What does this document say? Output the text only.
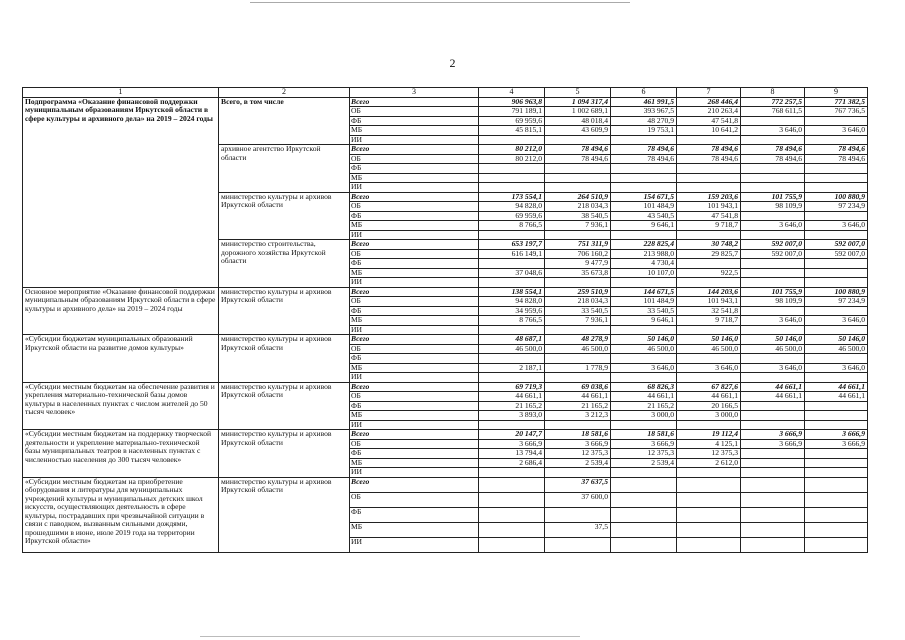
2
1	2	3	4	5	6	7	8	9
Подпрограмма «Оказание финансовой поддержки муниципальным образованиям Иркутской области в сфере культуры и архивного дела» на 2019 – 2024 годы	Всего, в том числе	Всего	906 963,8	1 094 317,4	461 991,5	268 446,4	772 257,5	771 382,5
		ОБ	791 189,1	1 002 689,1	393 967,5	210 263,4	768 611,5	767 736,5
		ФБ	69 959,6	48 018,4	48 270,9	47 541,8		
		МБ	45 815,1	43 609,9	19 753,1	10 641,2	3 646,0	3 646,0
		ИИ						
	архивное агентство Иркутской области	Всего	80 212,0	78 494,6	78 494,6	78 494,6	78 494,6	78 494,6
		ОБ	80 212,0	78 494,6	78 494,6	78 494,6	78 494,6	78 494,6
		ФБ						
		МБ						
		ИИ						
	министерство культуры и архивов Иркутской области	Всего	173 554,1	264 510,9	154 671,5	159 203,6	101 755,9	100 880,9
		ОБ	94 828,0	218 034,3	101 484,9	101 943,1	98 109,9	97 234,9
		ФБ	69 959,6	38 540,5	43 540,5	47 541,8		
		МБ	8 766,5	7 936,1	9 646,1	9 718,7	3 646,0	3 646,0
		ИИ						
	министерство строительства, дорожного хозяйства Иркутской области	Всего	653 197,7	751 311,9	228 825,4	30 748,2	592 007,0	592 007,0
		ОБ	616 149,1	706 160,2	213 988,0	29 825,7	592 007,0	592 007,0
		ФБ		9 477,9	4 730,4			
		МБ	37 048,6	35 673,8	10 107,0	922,5		
		ИИ						
Основное мероприятие «Оказание финансовой поддержки муниципальным образованиям Иркутской области в сфере культуры и архивного дела» на 2019 – 2024 годы	министерство культуры и архивов Иркутской области	Всего	138 554,1	259 510,9	144 671,5	144 203,6	101 755,9	100 880,9
		ОБ	94 828,0	218 034,3	101 484,9	101 943,1	98 109,9	97 234,9
		ФБ	34 959,6	33 540,5	33 540,5	32 541,8		
		МБ	8 766,5	7 936,1	9 646,1	9 718,7	3 646,0	3 646,0
		ИИ						
«Субсидии бюджетам муниципальных образований Иркутской области на развитие домов культуры»	министерство культуры и архивов Иркутской области	Всего	48 687,1	48 278,9	50 146,0	50 146,0	50 146,0	50 146,0
		ОБ	46 500,0	46 500,0	46 500,0	46 500,0	46 500,0	46 500,0
		ФБ						
		МБ	2 187,1	1 778,9	3 646,0	3 646,0	3 646,0	3 646,0
		ИИ						
«Субсидии местным бюджетам на обеспечение развития и укрепления материально-технической базы домов культуры в населенных пунктах с числом жителей до 50 тысяч человек»	министерство культуры и архивов Иркутской области	Всего	69 719,3	69 038,6	68 826,3	67 827,6	44 661,1	44 661,1
		ОБ	44 661,1	44 661,1	44 661,1	44 661,1	44 661,1	44 661,1
		ФБ	21 165,2	21 165,2	21 165,2	20 166,5		
		МБ	3 893,0	3 212,3	3 000,0	3 000,0		
		ИИ						
«Субсидии местным бюджетам на поддержку творческой деятельности и укрепление материально-технической базы муниципальных театров в населенных пунктах с численностью населения до 300 тысяч человек»	министерство культуры и архивов Иркутской области	Всего	20 147,7	18 581,6	18 581,6	19 112,4	3 666,9	3 666,9
		ОБ	3 666,9	3 666,9	3 666,9	4 125,1	3 666,9	3 666,9
		ФБ	13 794,4	12 375,3	12 375,3	12 375,3		
		МБ	2 686,4	2 539,4	2 539,4	2 612,0		
		ИИ						
«Субсидии местным бюджетам на приобретение оборудования и литературы для муниципальных учреждений культуры и муниципальных детских школ искусств, осуществляющих деятельность в сфере культуры, пострадавших при чрезвычайной ситуации в связи с паводком, вызванным сильными дождями, прошедшими в июне, июле 2019 года на территории Иркутской области»	министерство культуры и архивов Иркутской области	Всего		37 637,5				
		ОБ		37 600,0				
		ФБ						
		МБ		37,5				
		ИИ						
